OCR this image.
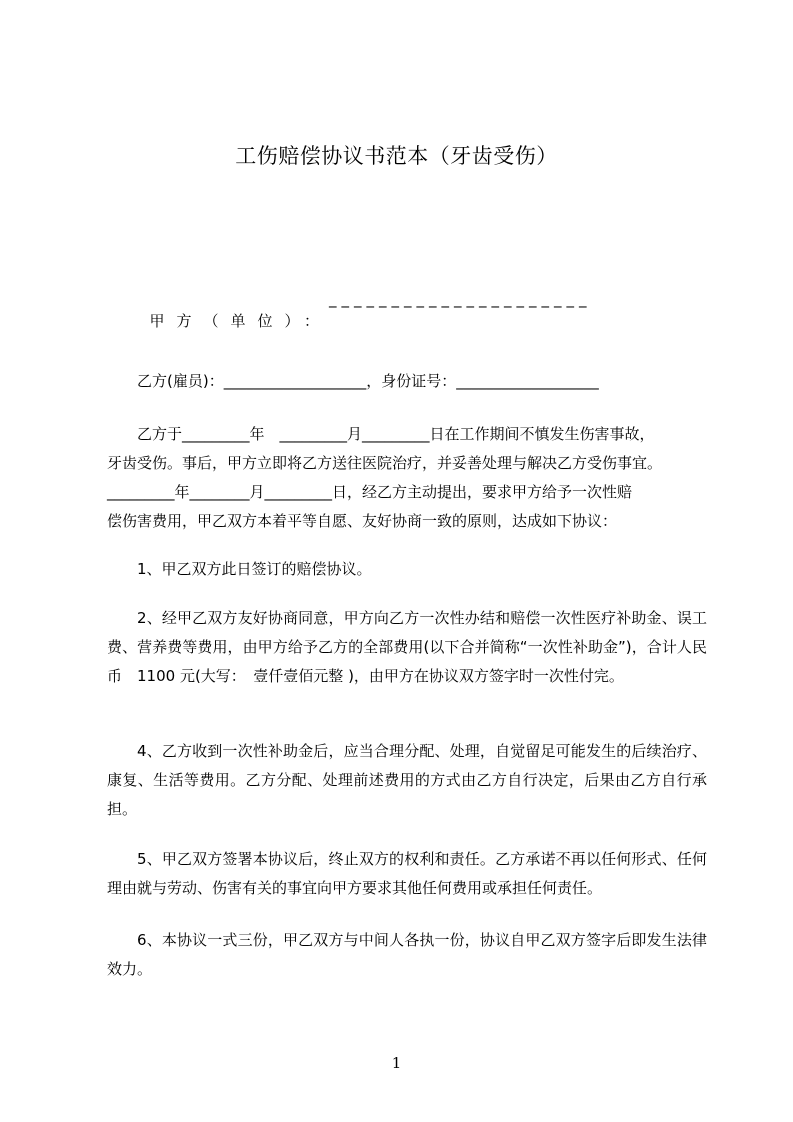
工伤赔偿协议书范本（牙齿受伤）

甲方（单位）：

_____________________

乙方(雇员)：___________________，身份证号：___________________
乙方于_________年　_________月_________日在工作期间不慎发生伤害事故，
牙齿受伤。事后，甲方立即将乙方送往医院治疗，并妥善处理与解决乙方受伤事宜。
_________年________月_________日，经乙方主动提出，要求甲方给予一次性赔
偿伤害费用，甲乙双方本着平等自愿、友好协商一致的原则，达成如下协议：
1、甲乙双方此日签订的赔偿协议。
2、经甲乙双方友好协商同意，甲方向乙方一次性办结和赔偿一次性医疗补助金、误工费、营养费等费用，由甲方给予乙方的全部费用(以下合并简称“一次性补助金”)，合计人民币　1100 元(大写：　壹仟壹佰元整 )，由甲方在协议双方签字时一次性付完。
4、乙方收到一次性补助金后，应当合理分配、处理，自觉留足可能发生的后续治疗、康复、生活等费用。乙方分配、处理前述费用的方式由乙方自行决定，后果由乙方自行承担。
5、甲乙双方签署本协议后，终止双方的权利和责任。乙方承诺不再以任何形式、任何理由就与劳动、伤害有关的事宜向甲方要求其他任何费用或承担任何责任。
6、本协议一式三份，甲乙双方与中间人各执一份，协议自甲乙双方签字后即发生法律效力。
1
